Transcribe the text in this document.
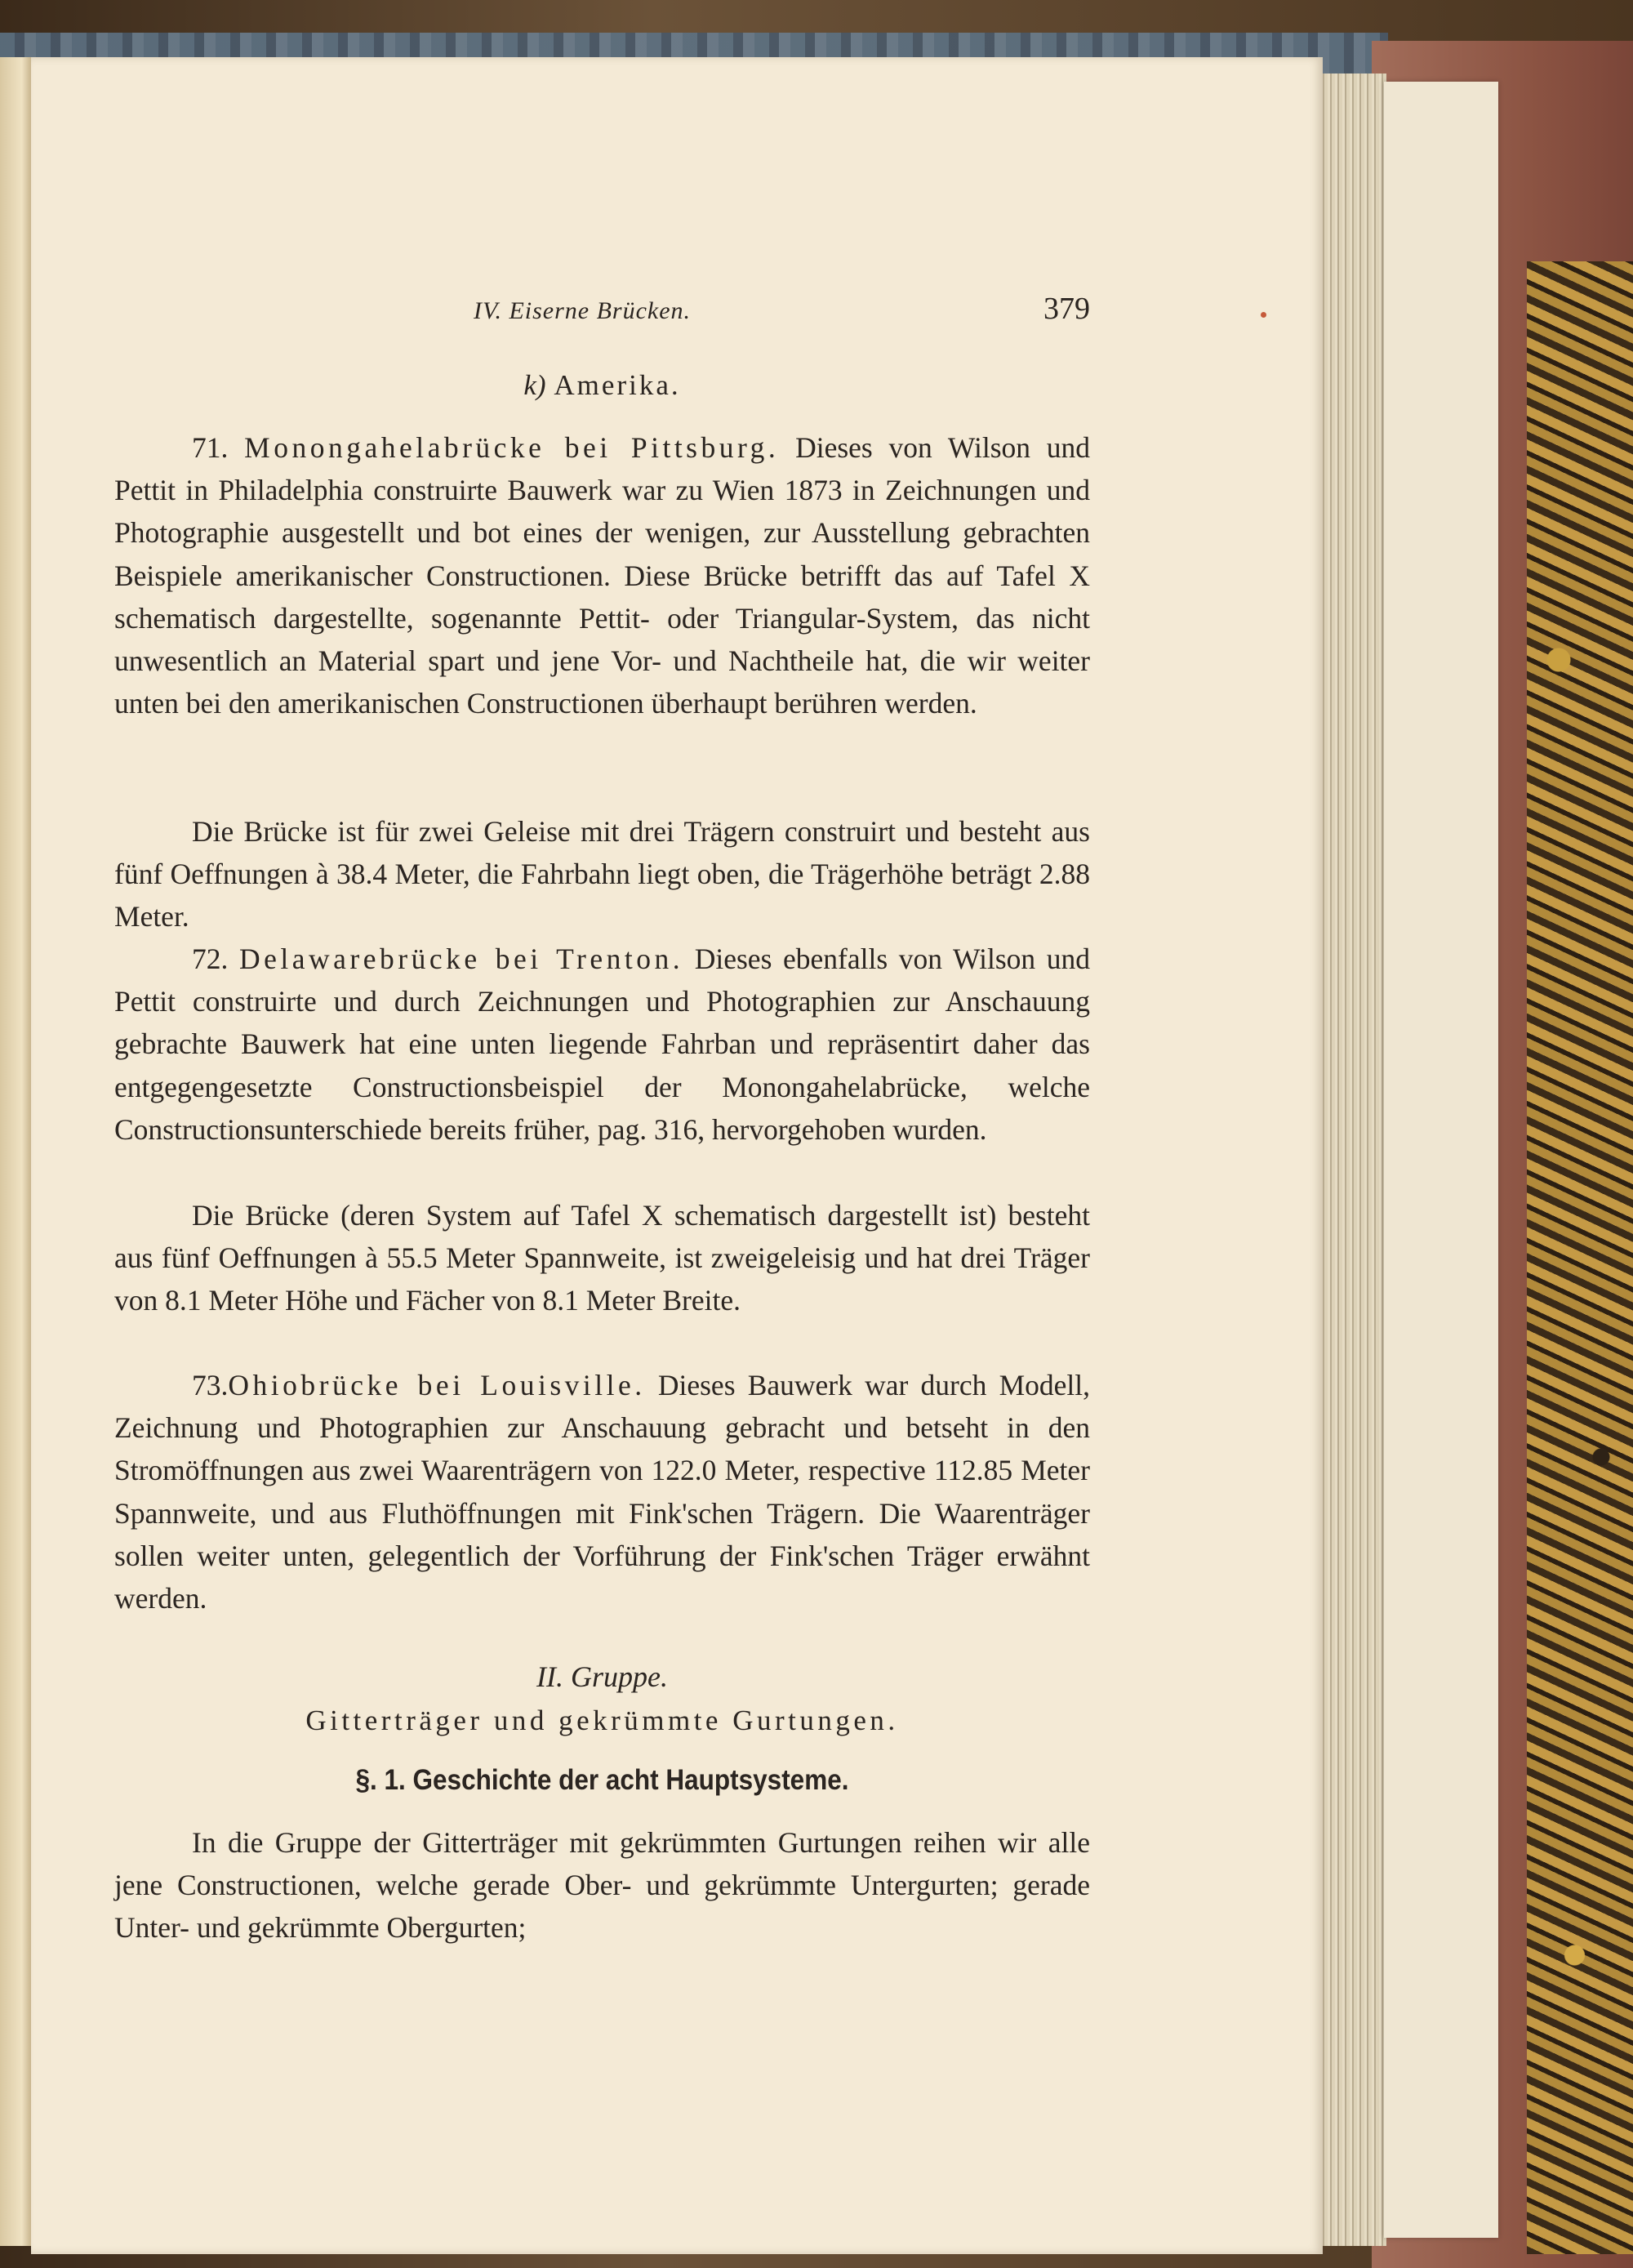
IV. Eiserne Brücken.	379
k) Amerika.
71. Monongahelabrücke bei Pittsburg. Dieses von Wilson und Pettit in Philadelphia construirte Bauwerk war zu Wien 1873 in Zeichnungen und Photographie ausgestellt und bot eines der wenigen, zur Ausstellung gebrachten Beispiele amerikanischer Constructionen. Diese Brücke betrifft das auf Tafel X schematisch dargestellte, sogenannte Pettit- oder Triangular-System, das nicht unwesentlich an Material spart und jene Vor- und Nachtheile hat, die wir weiter unten bei den amerikanischen Constructionen überhaupt berühren werden.
Die Brücke ist für zwei Geleise mit drei Trägern construirt und besteht aus fünf Oeffnungen à 38.4 Meter, die Fahrbahn liegt oben, die Trägerhöhe beträgt 2.88 Meter.
72. Delawarebrücke bei Trenton. Dieses ebenfalls von Wilson und Pettit construirte und durch Zeichnungen und Photographien zur Anschauung gebrachte Bauwerk hat eine unten liegende Fahrban und repräsentirt daher das entgegengesetzte Constructionsbeispiel der Monongahelabrücke, welche Constructionsunterschiede bereits früher, pag. 316, hervorgehoben wurden.
Die Brücke (deren System auf Tafel X schematisch dargestellt ist) besteht aus fünf Oeffnungen à 55.5 Meter Spannweite, ist zweigeleisig und hat drei Träger von 8.1 Meter Höhe und Fächer von 8.1 Meter Breite.
73.Ohiobrücke bei Louisville. Dieses Bauwerk war durch Modell, Zeichnung und Photographien zur Anschauung gebracht und betseht in den Stromöffnungen aus zwei Waarenträgern von 122.0 Meter, respective 112.85 Meter Spannweite, und aus Fluthöffnungen mit Fink'schen Trägern. Die Waarenträger sollen weiter unten, gelegentlich der Vorführung der Fink'schen Träger erwähnt werden.
II. Gruppe.
Gitterträger und gekrümmte Gurtungen.
§. 1. Geschichte der acht Hauptsysteme.
In die Gruppe der Gitterträger mit gekrümmten Gurtungen reihen wir alle jene Constructionen, welche gerade Ober- und gekrümmte Untergurten; gerade Unter- und gekrümmte Obergurten;
